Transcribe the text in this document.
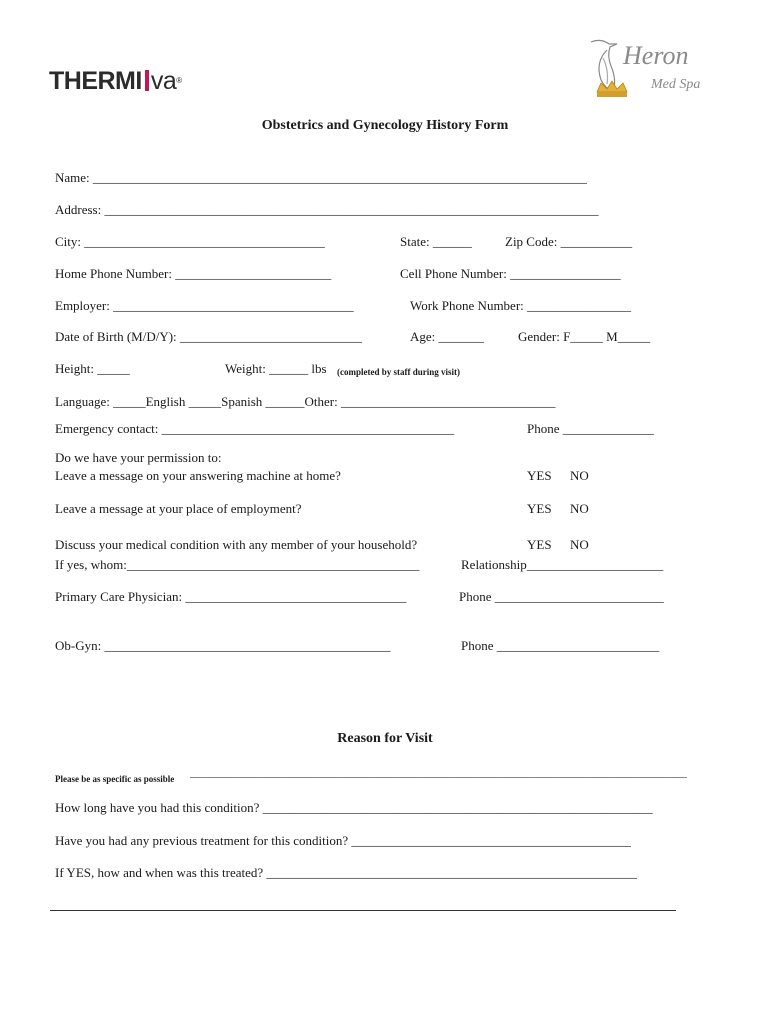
THERMI va®
Heron
Med Spa
Obstetrics and Gynecology History Form
Name: ____________________________________________________________________________
Address: ____________________________________________________________________________
City: _____________________________________	State: ______	Zip Code: ___________
Home Phone Number: ________________________	Cell Phone Number: _________________
Employer: _____________________________________	Work Phone Number: ________________
Date of Birth (M/D/Y): ____________________________	Age: _______	Gender: F_____ M_____
Height: _____	Weight: ______ lbs (completed by staff during visit)
Language: _____English _____Spanish ______Other: _________________________________
Emergency contact: _____________________________________________	Phone ______________
Do we have your permission to:
Leave a message on your answering machine at home?	YES NO
Leave a message at your place of employment?	YES NO
Discuss your medical condition with any member of your household?	YES NO
If yes, whom:_____________________________________________	Relationship_____________________
Primary Care Physician: __________________________________	Phone __________________________
Ob-Gyn: ____________________________________________	Phone _________________________
Reason for Visit
Please be as specific as possible ____________________________________________________________________________________________
How long have you had this condition? ____________________________________________________________
Have you had any previous treatment for this condition? ___________________________________________
If YES, how and when was this treated? _________________________________________________________
